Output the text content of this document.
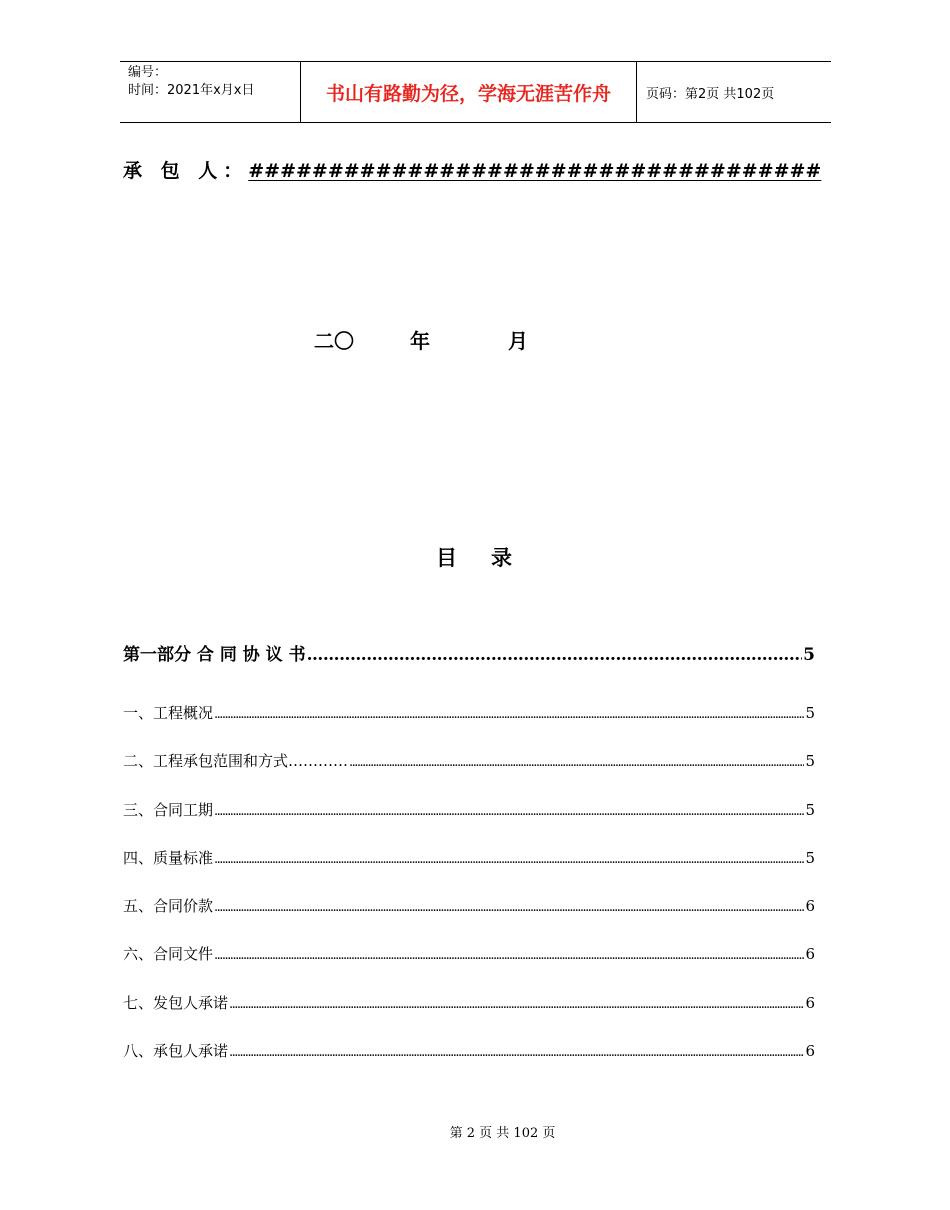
编号：
时间：2021年x月x日	书山有路勤为径，学海无涯苦作舟	页码：第2页 共102页
承 包 人：####################################
二〇	年	月
目录
第一部分 合 同 协 议 书 .....	5
一、工程概况 .....	5
二、工程承包范围和方式………… .....	5
三、合同工期 .....	5
四、质量标准 .....	5
五、合同价款 .....	6
六、合同文件 .....	6
七、发包人承诺 .....	6
八、承包人承诺 .....	6
第 2 页 共 102 页
